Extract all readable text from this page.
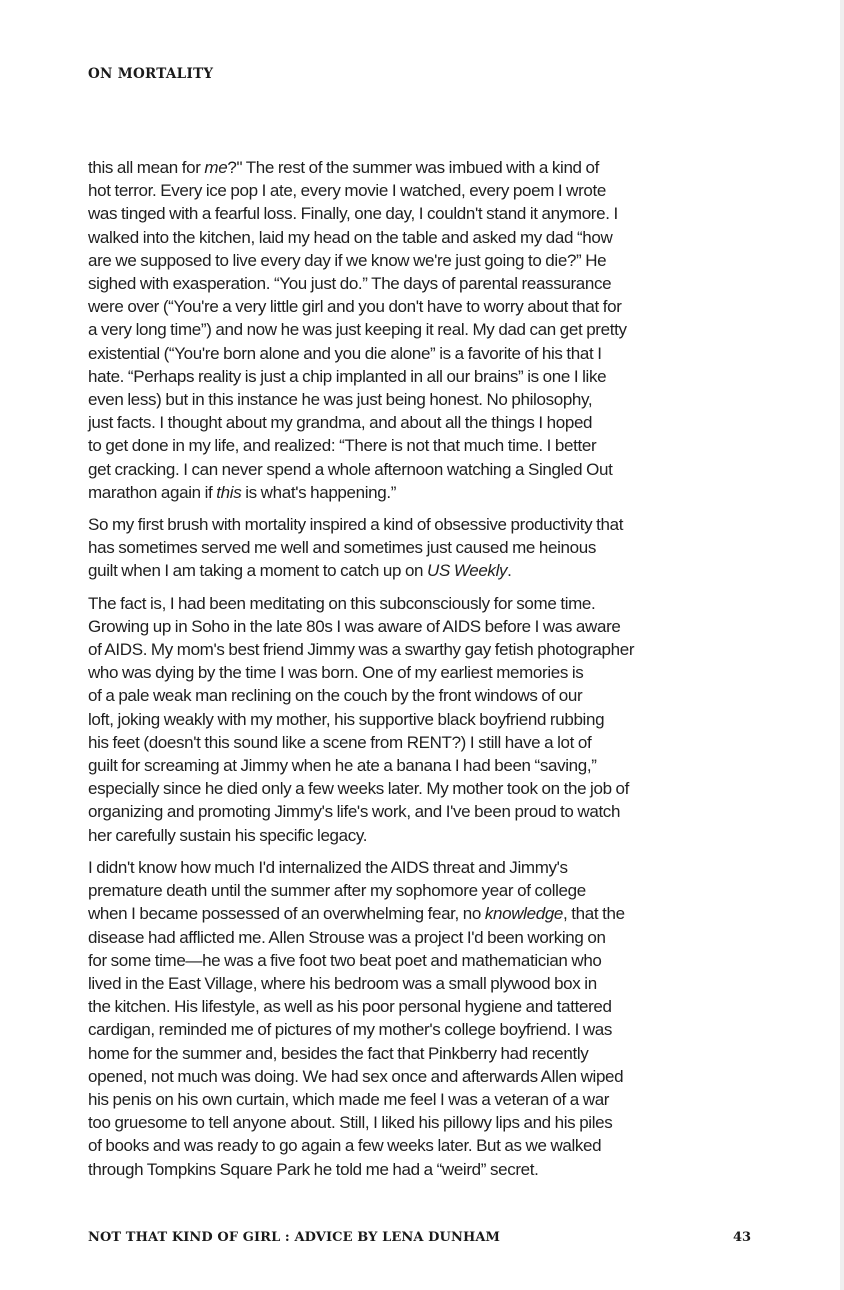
ON MORTALITY
this all mean for me?" The rest of the summer was imbued with a kind of
hot terror. Every ice pop I ate, every movie I watched, every poem I wrote
was tinged with a fearful loss. Finally, one day, I couldn't stand it anymore. I
walked into the kitchen, laid my head on the table and asked my dad “how
are we supposed to live every day if we know we're just going to die?” He
sighed with exasperation. “You just do.” The days of parental reassurance
were over (“You're a very little girl and you don't have to worry about that for
a very long time”) and now he was just keeping it real. My dad can get pretty
existential (“You're born alone and you die alone” is a favorite of his that I
hate. “Perhaps reality is just a chip implanted in all our brains” is one I like
even less) but in this instance he was just being honest. No philosophy,
just facts. I thought about my grandma, and about all the things I hoped
to get done in my life, and realized: “There is not that much time. I better
get cracking. I can never spend a whole afternoon watching a Singled Out
marathon again if this is what's happening.”
So my first brush with mortality inspired a kind of obsessive productivity that
has sometimes served me well and sometimes just caused me heinous
guilt when I am taking a moment to catch up on US Weekly.
The fact is, I had been meditating on this subconsciously for some time.
Growing up in Soho in the late 80s I was aware of AIDS before I was aware
of AIDS. My mom's best friend Jimmy was a swarthy gay fetish photographer
who was dying by the time I was born. One of my earliest memories is
of a pale weak man reclining on the couch by the front windows of our
loft, joking weakly with my mother, his supportive black boyfriend rubbing
his feet (doesn't this sound like a scene from RENT?) I still have a lot of
guilt for screaming at Jimmy when he ate a banana I had been “saving,”
especially since he died only a few weeks later. My mother took on the job of
organizing and promoting Jimmy's life's work, and I've been proud to watch
her carefully sustain his specific legacy.
I didn't know how much I'd internalized the AIDS threat and Jimmy's
premature death until the summer after my sophomore year of college
when I became possessed of an overwhelming fear, no knowledge, that the
disease had afflicted me. Allen Strouse was a project I'd been working on
for some time—he was a five foot two beat poet and mathematician who
lived in the East Village, where his bedroom was a small plywood box in
the kitchen. His lifestyle, as well as his poor personal hygiene and tattered
cardigan, reminded me of pictures of my mother's college boyfriend. I was
home for the summer and, besides the fact that Pinkberry had recently
opened, not much was doing. We had sex once and afterwards Allen wiped
his penis on his own curtain, which made me feel I was a veteran of a war
too gruesome to tell anyone about. Still, I liked his pillowy lips and his piles
of books and was ready to go again a few weeks later. But as we walked
through Tompkins Square Park he told me had a “weird” secret.
NOT THAT KIND OF GIRL : ADVICE BY LENA DUNHAM	43
